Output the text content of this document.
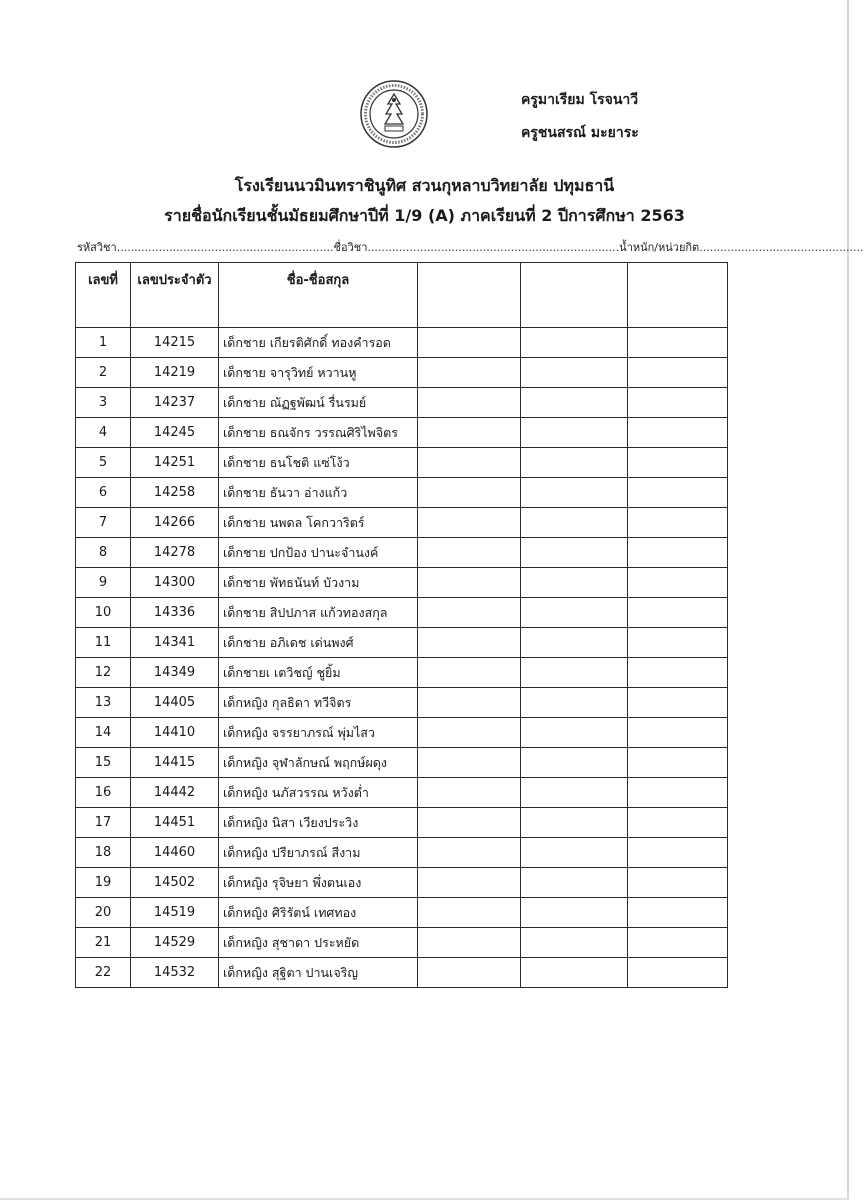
ครูมาเรียม โรจนาวี
ครูชนสรณ์ มะยาระ
โรงเรียนนวมินทราชินูทิศ สวนกุหลาบวิทยาลัย ปทุมธานี
รายชื่อนักเรียนชั้นมัธยมศึกษาปีที่ 1/9 (A) ภาคเรียนที่ 2 ปีการศึกษา 2563
รหัสวิชา..............................................................ชื่อวิชา........................................................................น้ำหนัก/หน่วยกิต...............................................
เลขที่	เลขประจำตัว	ชื่อ-ชื่อสกุล			
1	14215	เด็กชาย เกียรติศักดิ์ ทองคำรอด			
2	14219	เด็กชาย จารุวิทย์ หวานหู			
3	14237	เด็กชาย ณัฏฐพัฒน์ รื่นรมย์			
4	14245	เด็กชาย ธณจักร วรรณศิริไพจิตร			
5	14251	เด็กชาย ธนโชติ แซ่โง้ว			
6	14258	เด็กชาย ธันวา อ่างแก้ว			
7	14266	เด็กชาย นพดล โคกวาริตร์			
8	14278	เด็กชาย ปกป้อง ปานะจำนงค์			
9	14300	เด็กชาย พัทธนันท์ บัวงาม			
10	14336	เด็กชาย สิปปภาส แก้วทองสกุล			
11	14341	เด็กชาย อภิเดช เด่นพงศ์			
12	14349	เด็กชายเ เตวิชญ์ ชูยิ้ม			
13	14405	เด็กหญิง กุลธิดา ทวีจิตร			
14	14410	เด็กหญิง จรรยาภรณ์ พุ่มไสว			
15	14415	เด็กหญิง จุฬาลักษณ์ พฤกษ์ผดุง			
16	14442	เด็กหญิง นภัสวรรณ หวังต่ำ			
17	14451	เด็กหญิง นิสา เวียงประวิง			
18	14460	เด็กหญิง ปรียาภรณ์ สีงาม			
19	14502	เด็กหญิง รุจิษยา พึ่งตนเอง			
20	14519	เด็กหญิง ศิริรัตน์ เทศทอง			
21	14529	เด็กหญิง สุชาดา ประหยัด			
22	14532	เด็กหญิง สุฐิตา ปานเจริญ			
